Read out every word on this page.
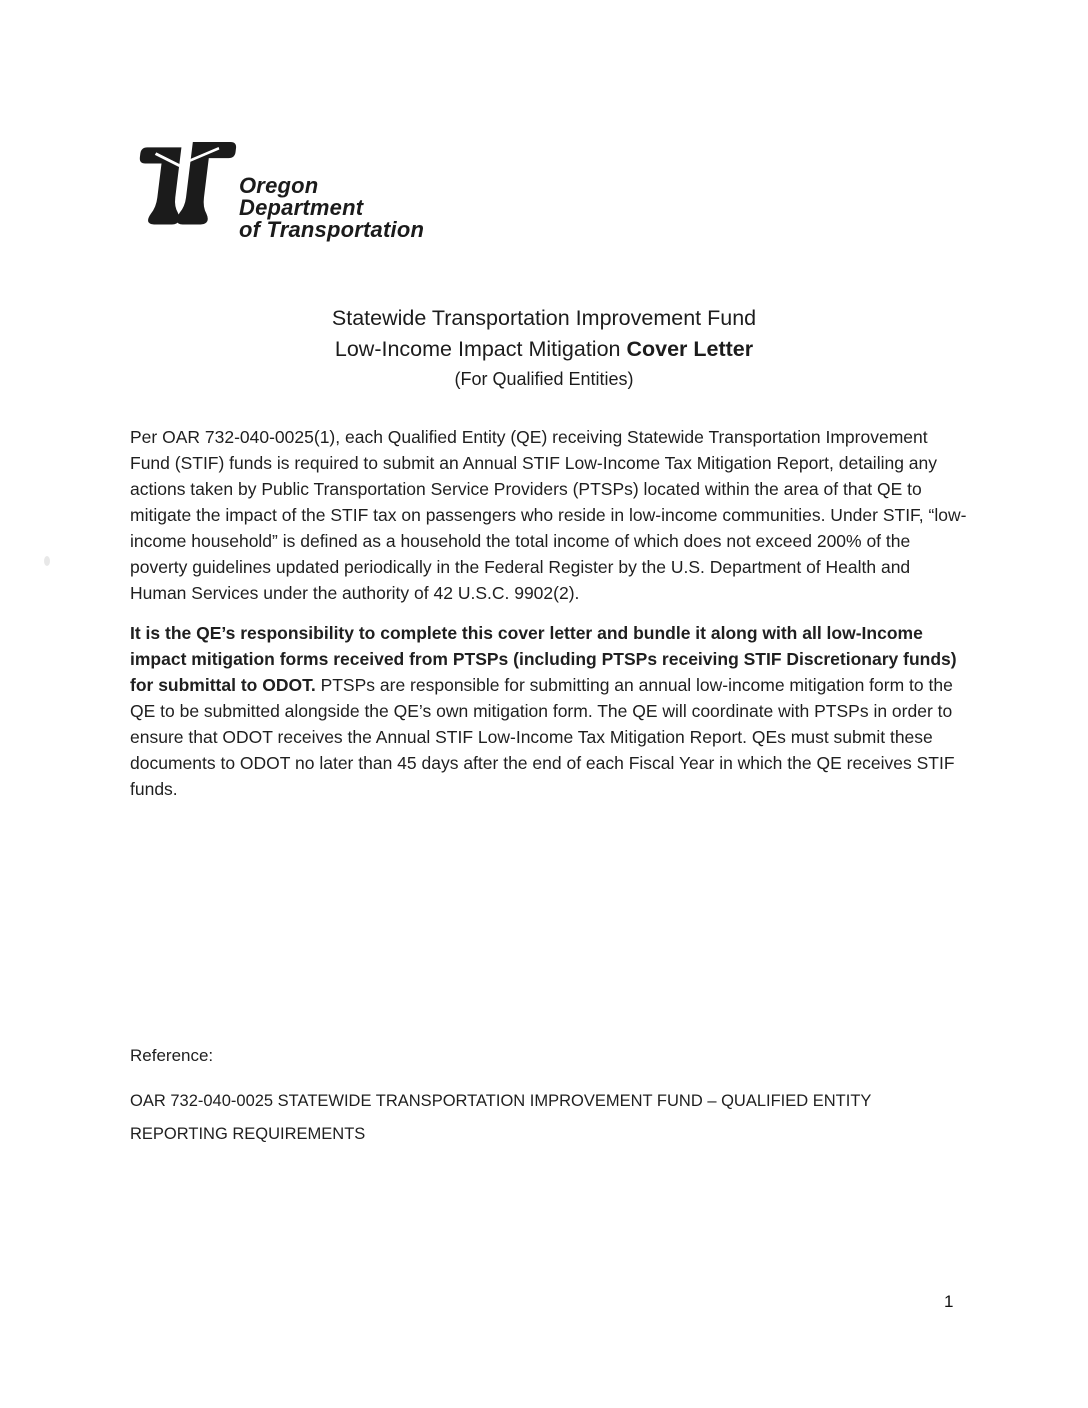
Oregon
Department
of Transportation
Statewide Transportation Improvement Fund
Low-Income Impact Mitigation Cover Letter
(For Qualified Entities)

Per OAR 732-040-0025(1), each Qualified Entity (QE) receiving Statewide Transportation Improvement Fund (STIF) funds is required to submit an Annual STIF Low-Income Tax Mitigation Report, detailing any actions taken by Public Transportation Service Providers (PTSPs) located within the area of that QE to mitigate the impact of the STIF tax on passengers who reside in low-income communities. Under STIF, “low-income household” is defined as a household the total income of which does not exceed 200% of the poverty guidelines updated periodically in the Federal Register by the U.S. Department of Health and Human Services under the authority of 42 U.S.C. 9902(2).

It is the QE’s responsibility to complete this cover letter and bundle it along with all low-Income impact mitigation forms received from PTSPs (including PTSPs receiving STIF Discretionary funds) for submittal to ODOT. PTSPs are responsible for submitting an annual low-income mitigation form to the QE to be submitted alongside the QE’s own mitigation form. The QE will coordinate with PTSPs in order to ensure that ODOT receives the Annual STIF Low-Income Tax Mitigation Report. QEs must submit these documents to ODOT no later than 45 days after the end of each Fiscal Year in which the QE receives STIF funds.

Reference:
OAR 732-040-0025 STATEWIDE TRANSPORTATION IMPROVEMENT FUND – QUALIFIED ENTITY REPORTING REQUIREMENTS
1
